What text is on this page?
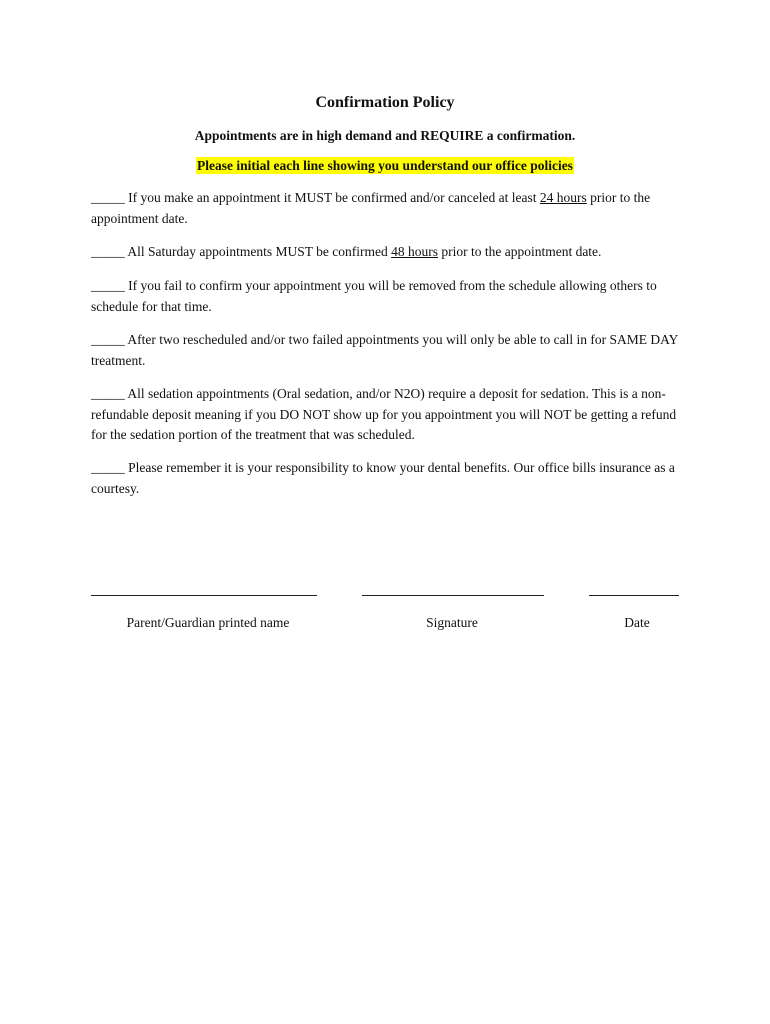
Confirmation Policy
Appointments are in high demand and REQUIRE a confirmation.
Please initial each line showing you understand our office policies
_____ If you make an appointment it MUST be confirmed and/or canceled at least 24 hours prior to the appointment date.
_____ All Saturday appointments MUST be confirmed 48 hours prior to the appointment date.
_____ If you fail to confirm your appointment you will be removed from the schedule allowing others to schedule for that time.
_____ After two rescheduled and/or two failed appointments you will only be able to call in for SAME DAY treatment.
_____ All sedation appointments (Oral sedation, and/or N2O) require a deposit for sedation. This is a non-refundable deposit meaning if you DO NOT show up for you appointment you will NOT be getting a refund for the sedation portion of the treatment that was scheduled.
_____ Please remember it is your responsibility to know your dental benefits. Our office bills insurance as a courtesy.
Parent/Guardian printed name	Signature	Date
